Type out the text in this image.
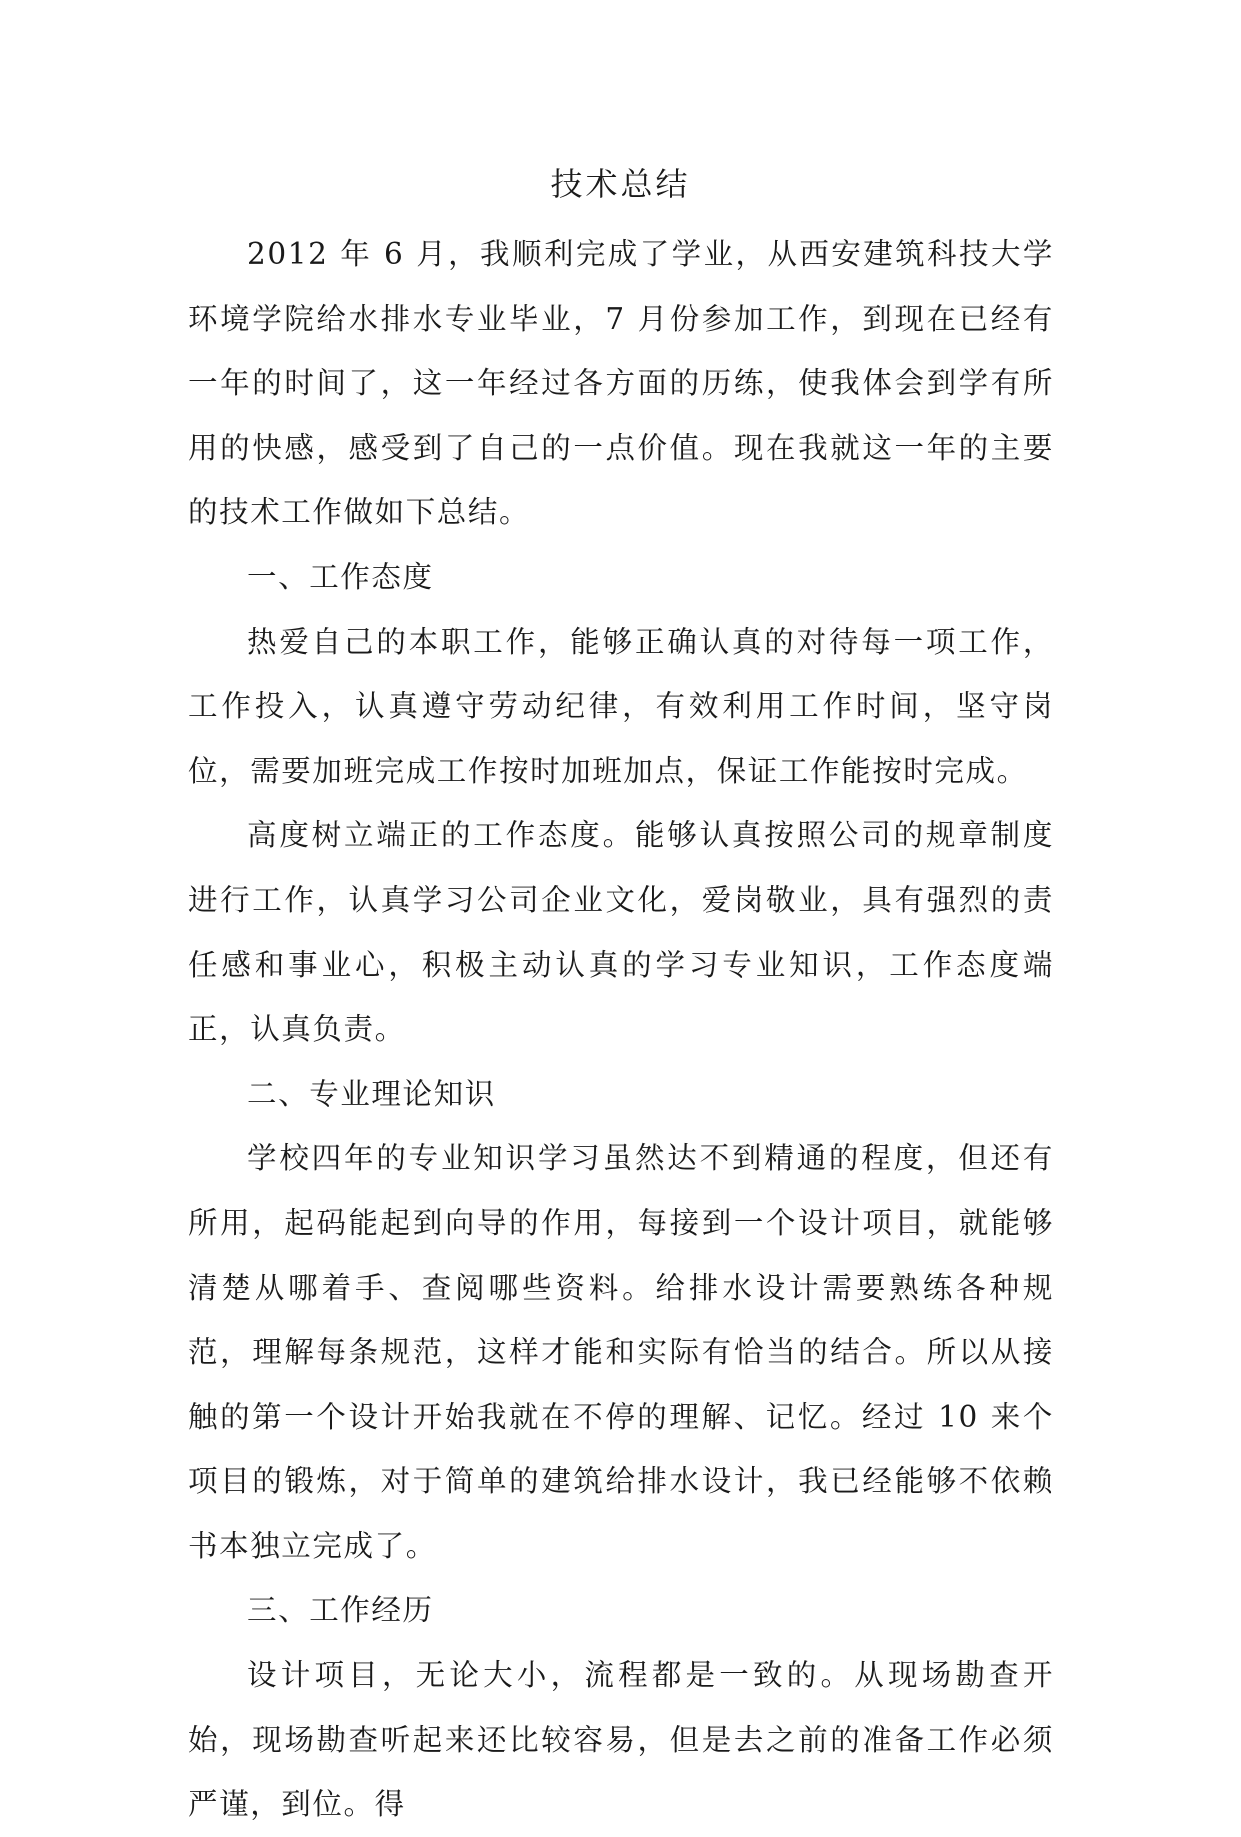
技术总结

2012 年 6 月，我顺利完成了学业，从西安建筑科技大学环境学院给水排水专业毕业，7 月份参加工作，到现在已经有一年的时间了，这一年经过各方面的历练，使我体会到学有所用的快感，感受到了自己的一点价值。现在我就这一年的主要的技术工作做如下总结。

一、工作态度

热爱自己的本职工作，能够正确认真的对待每一项工作，工作投入，认真遵守劳动纪律，有效利用工作时间，坚守岗位，需要加班完成工作按时加班加点，保证工作能按时完成。

高度树立端正的工作态度。能够认真按照公司的规章制度进行工作，认真学习公司企业文化，爱岗敬业，具有强烈的责任感和事业心，积极主动认真的学习专业知识，工作态度端正，认真负责。

二、专业理论知识

学校四年的专业知识学习虽然达不到精通的程度，但还有所用，起码能起到向导的作用，每接到一个设计项目，就能够清楚从哪着手、查阅哪些资料。给排水设计需要熟练各种规范，理解每条规范，这样才能和实际有恰当的结合。所以从接触的第一个设计开始我就在不停的理解、记忆。经过 10 来个项目的锻炼，对于简单的建筑给排水设计，我已经能够不依赖书本独立完成了。

三、工作经历

设计项目，无论大小，流程都是一致的。从现场勘查开始，现场勘查听起来还比较容易，但是去之前的准备工作必须严谨，到位。得
